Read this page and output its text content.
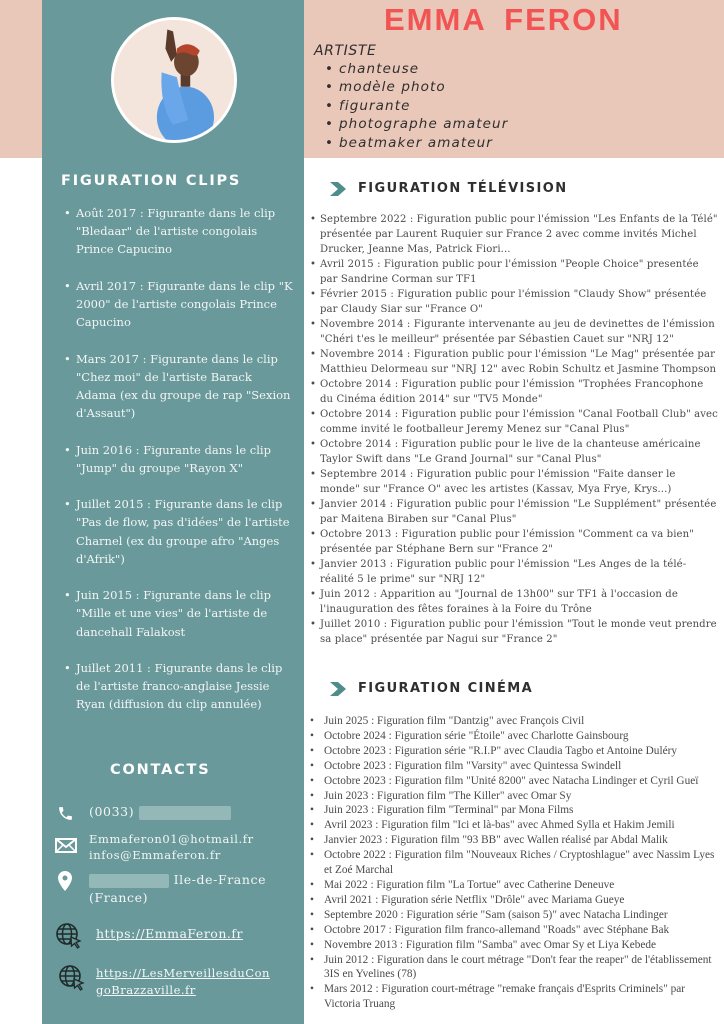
EMMA FERON
ARTISTE
• chanteuse
• modèle photo
• figurante
• photographe amateur
• beatmaker amateur
FIGURATION CLIPS
• Août 2017 : Figurante dans le clip "Bledaar" de l'artiste congolais Prince Capucino
• Avril 2017 : Figurante dans le clip "K 2000" de l'artiste congolais Prince Capucino
• Mars 2017 : Figurante dans le clip "Chez moi" de l'artiste Barack Adama (ex du groupe de rap "Sexion d'Assaut")
• Juin 2016 : Figurante dans le clip "Jump" du groupe "Rayon X"
• Juillet 2015 : Figurante dans le clip "Pas de flow, pas d'idées" de l'artiste Charnel (ex du groupe afro "Anges d'Afrik")
• Juin 2015 : Figurante dans le clip "Mille et une vies" de l'artiste de dancehall Falakost
• Juillet 2011 : Figurante dans le clip de l'artiste franco-anglaise Jessie Ryan (diffusion du clip annulée)
CONTACTS
(0033)
Emmaferon01@hotmail.fr
infos@Emmaferon.fr
Ile-de-France
(France)
https://EmmaFeron.fr
https://LesMerveillesduCon
goBrazzaville.fr
FIGURATION TÉLÉVISION
• Septembre 2022 : Figuration public pour l'émission "Les Enfants de la Télé" présentée par Laurent Ruquier sur France 2 avec comme invités Michel Drucker, Jeanne Mas, Patrick Fiori...
• Avril 2015 : Figuration public pour l'émission "People Choice" presentée par Sandrine Corman sur TF1
• Février 2015 : Figuration public pour l'émission "Claudy Show" présentée par Claudy Siar sur "France O"
• Novembre 2014 : Figurante intervenante au jeu de devinettes de l'émission "Chéri t'es le meilleur" présentée par Sébastien Cauet sur "NRJ 12"
• Novembre 2014 : Figuration public pour l'émission "Le Mag" présentée par Matthieu Delormeau sur "NRJ 12" avec Robin Schultz et Jasmine Thompson
• Octobre 2014 : Figuration public pour l'émission "Trophées Francophone du Cinéma édition 2014" sur "TV5 Monde"
• Octobre 2014 : Figuration public pour l'émission "Canal Football Club" avec comme invité le footballeur Jeremy Menez sur "Canal Plus"
• Octobre 2014 : Figuration public pour le live de la chanteuse américaine Taylor Swift dans "Le Grand Journal" sur "Canal Plus"
• Septembre 2014 : Figuration public pour l'émission "Faite danser le monde" sur "France O" avec les artistes (Kassav, Mya Frye, Krys...)
• Janvier 2014 : Figuration public pour l'émission "Le Supplément" présentée par Maitena Biraben sur "Canal Plus"
• Octobre 2013 : Figuration public pour l'émission "Comment ca va bien" présentée par Stéphane Bern sur "France 2"
• Janvier 2013 : Figuration public pour l'émission "Les Anges de la télé-réalité 5 le prime" sur "NRJ 12"
• Juin 2012 : Apparition au "Journal de 13h00" sur TF1 à l'occasion de l'inauguration des fêtes foraines à la Foire du Trône
• Juillet 2010 : Figuration public pour l'émission "Tout le monde veut prendre sa place" présentée par Nagui sur "France 2"
FIGURATION CINÉMA
• Juin 2025 : Figuration film "Dantzig" avec François Civil
• Octobre 2024 : Figuration série "Étoile" avec Charlotte Gainsbourg
• Octobre 2023 : Figuration série "R.I.P" avec Claudia Tagbo et Antoine Duléry
• Octobre 2023 : Figuration film "Varsity" avec Quintessa Swindell
• Octobre 2023 : Figuration film "Unité 8200" avec Natacha Lindinger et Cyril Gueï
• Juin 2023 : Figuration film "The Killer" avec Omar Sy
• Juin 2023 : Figuration film "Terminal" par Mona Films
• Avril 2023 : Figuration film "Ici et là-bas" avec Ahmed Sylla et Hakim Jemili
• Janvier 2023 : Figuration film "93 BB" avec Wallen réalisé par Abdal Malik
• Octobre 2022 : Figuration film "Nouveaux Riches / Cryptoshlague" avec Nassim Lyes et Zoé Marchal
• Mai 2022 : Figuration film "La Tortue" avec Catherine Deneuve
• Avril 2021 : Figuration série Netflix "Drôle" avec Mariama Gueye
• Septembre 2020 : Figuration série "Sam (saison 5)" avec Natacha Lindinger
• Octobre 2017 : Figuration film franco-allemand "Roads" avec Stéphane Bak
• Novembre 2013 : Figuration film "Samba" avec Omar Sy et Liya Kebede
• Juin 2012 : Figuration dans le court métrage "Don't fear the reaper" de l'établissement 3IS en Yvelines (78)
• Mars 2012 : Figuration court-métrage "remake français d'Esprits Criminels" par Victoria Truang
